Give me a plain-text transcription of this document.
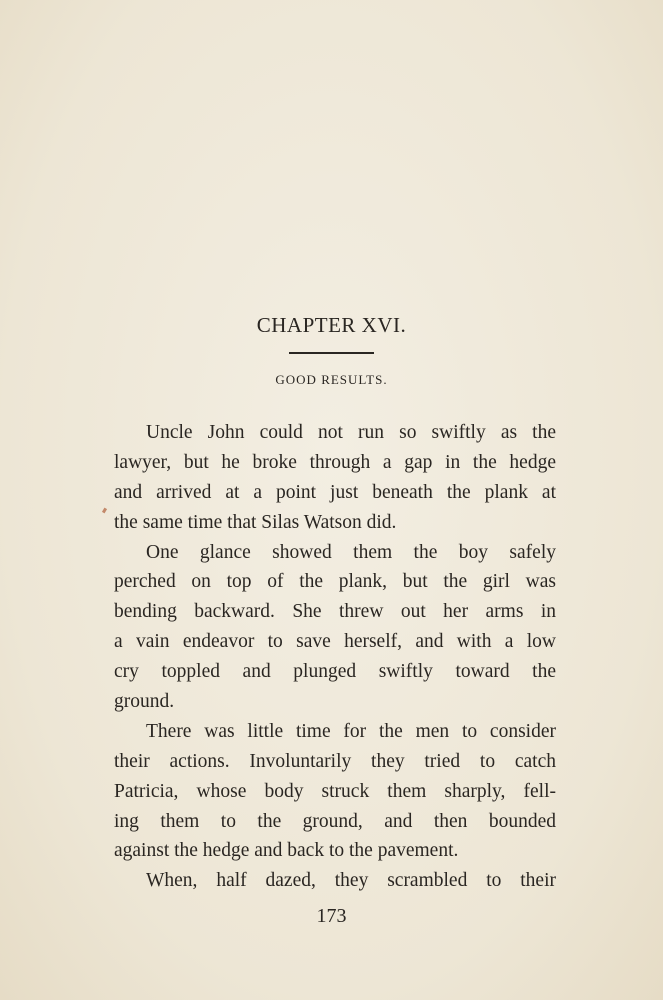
CHAPTER XVI.
GOOD RESULTS.
Uncle John could not run so swiftly as the
lawyer, but he broke through a gap in the hedge
and arrived at a point just beneath the plank at
the same time that Silas Watson did.
One glance showed them the boy safely
perched on top of the plank, but the girl was
bending backward. She threw out her arms in
a vain endeavor to save herself, and with a low
cry toppled and plunged swiftly toward the
ground.
There was little time for the men to consider
their actions. Involuntarily they tried to catch
Patricia, whose body struck them sharply, fell-
ing them to the ground, and then bounded
against the hedge and back to the pavement.
When, half dazed, they scrambled to their
173
